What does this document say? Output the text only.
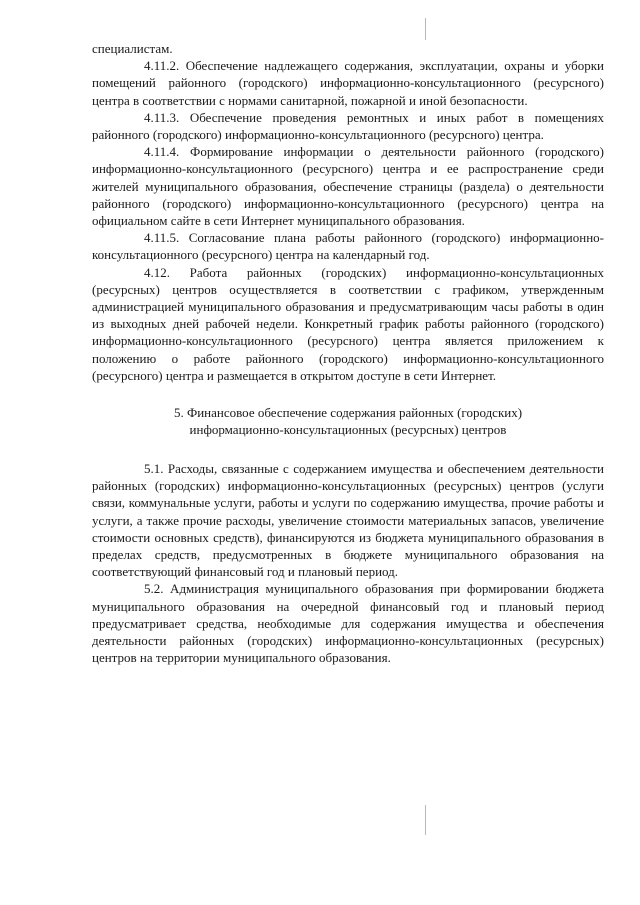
специалистам.

4.11.2. Обеспечение надлежащего содержания, эксплуатации, охраны и уборки помещений районного (городского) информационно-консультационного (ресурсного) центра в соответствии с нормами санитарной, пожарной и иной безопасности.

4.11.3. Обеспечение проведения ремонтных и иных работ в помещениях районного (городского) информационно-консультационного (ресурсного) центра.

4.11.4. Формирование информации о деятельности районного (городского) информационно-консультационного (ресурсного) центра и ее распространение среди жителей муниципального образования, обеспечение страницы (раздела) о деятельности районного (городского) информационно-консультационного (ресурсного) центра на официальном сайте в сети Интернет муниципального образования.

4.11.5. Согласование плана работы районного (городского) информационно-консультационного (ресурсного) центра на календарный год.

4.12. Работа районных (городских) информационно-консультационных (ресурсных) центров осуществляется в соответствии с графиком, утвержденным администрацией муниципального образования и предусматривающим часы работы в один из выходных дней рабочей недели. Конкретный график работы районного (городского) информационно-консультационного (ресурсного) центра является приложением к положению о работе районного (городского) информационно-консультационного (ресурсного) центра и размещается в открытом доступе в сети Интернет.

5. Финансовое обеспечение содержания районных (городских)
информационно-консультационных (ресурсных) центров

5.1. Расходы, связанные с содержанием имущества и обеспечением деятельности районных (городских) информационно-консультационных (ресурсных) центров (услуги связи, коммунальные услуги, работы и услуги по содержанию имущества, прочие работы и услуги, а также прочие расходы, увеличение стоимости материальных запасов, увеличение стоимости основных средств), финансируются из бюджета муниципального образования в пределах средств, предусмотренных в бюджете муниципального образования на соответствующий финансовый год и плановый период.

5.2. Администрация муниципального образования при формировании бюджета муниципального образования на очередной финансовый год и плановый период предусматривает средства, необходимые для содержания имущества и обеспечения деятельности районных (городских) информационно-консультационных (ресурсных) центров на территории муниципального образования.
